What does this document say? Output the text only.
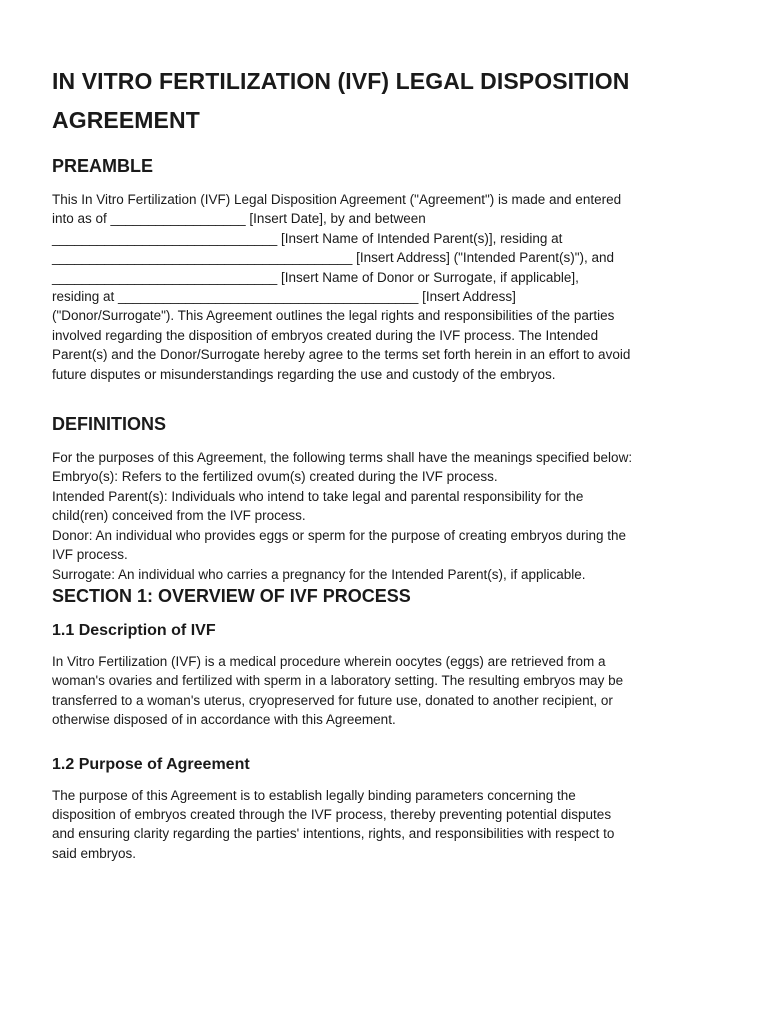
IN VITRO FERTILIZATION (IVF) LEGAL DISPOSITION AGREEMENT
PREAMBLE

This In Vitro Fertilization (IVF) Legal Disposition Agreement ("Agreement") is made and entered
into as of __________________ [Insert Date], by and between
______________________________ [Insert Name of Intended Parent(s)], residing at
________________________________________ [Insert Address] ("Intended Parent(s)"), and
______________________________ [Insert Name of Donor or Surrogate, if applicable],
residing at ________________________________________ [Insert Address]
("Donor/Surrogate"). This Agreement outlines the legal rights and responsibilities of the parties
involved regarding the disposition of embryos created during the IVF process. The Intended
Parent(s) and the Donor/Surrogate hereby agree to the terms set forth herein in an effort to avoid
future disputes or misunderstandings regarding the use and custody of the embryos.

DEFINITIONS

For the purposes of this Agreement, the following terms shall have the meanings specified below:

Embryo(s): Refers to the fertilized ovum(s) created during the IVF process.

Intended Parent(s): Individuals who intend to take legal and parental responsibility for the
child(ren) conceived from the IVF process.

Donor: An individual who provides eggs or sperm for the purpose of creating embryos during the
IVF process.

Surrogate: An individual who carries a pregnancy for the Intended Parent(s), if applicable.

SECTION 1: OVERVIEW OF IVF PROCESS
1.1 Description of IVF

In Vitro Fertilization (IVF) is a medical procedure wherein oocytes (eggs) are retrieved from a
woman's ovaries and fertilized with sperm in a laboratory setting. The resulting embryos may be
transferred to a woman's uterus, cryopreserved for future use, donated to another recipient, or
otherwise disposed of in accordance with this Agreement.

1.2 Purpose of Agreement

The purpose of this Agreement is to establish legally binding parameters concerning the
disposition of embryos created through the IVF process, thereby preventing potential disputes
and ensuring clarity regarding the parties' intentions, rights, and responsibilities with respect to
said embryos.
